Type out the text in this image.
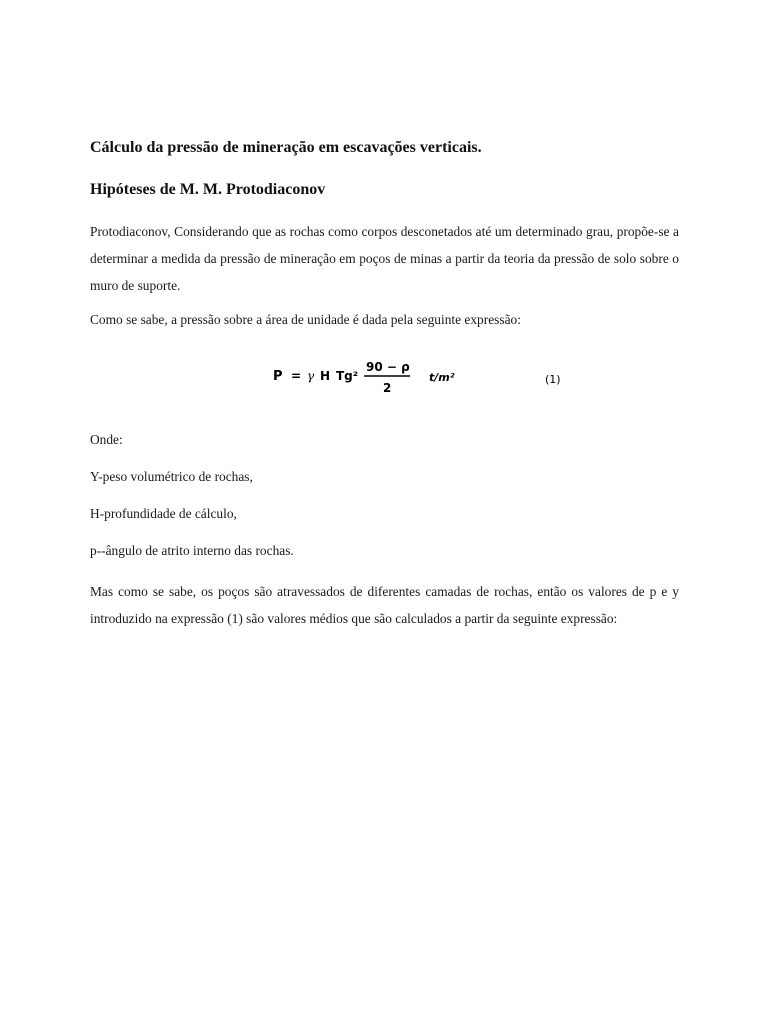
Cálculo da pressão de mineração em escavações verticais.
Hipóteses de M. M. Protodiaconov

Protodiaconov, Considerando que as rochas como corpos desconetados até um determinado grau, propõe-se a determinar a medida da pressão de mineração em poços de minas a partir da teoria da pressão de solo sobre o muro de suporte.

Como se sabe, a pressão sobre a área de unidade é dada pela seguinte expressão:

P = γ H Tg²
90 − ρ
2
t/m²	(1)
Onde:
Y-peso volumétrico de rochas,
H-profundidade de cálculo,
p--ângulo de atrito interno das rochas.

Mas como se sabe, os poços são atravessados de diferentes camadas de rochas, então os valores de p e y introduzido na expressão (1) são valores médios que são calculados a partir da seguinte expressão:
